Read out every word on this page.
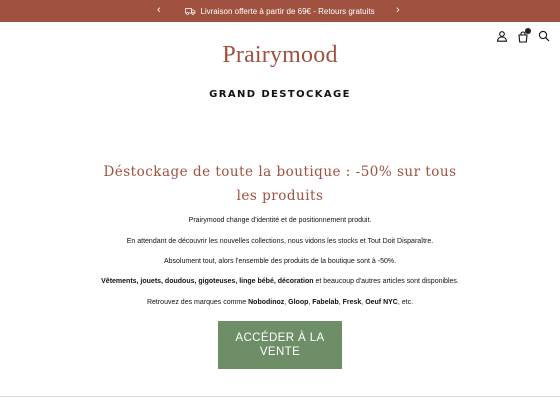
‹	Livraison offerte à partir de 69€ - Retours gratuits ›
Prairymood
GRAND DESTOCKAGE
Déstockage de toute la boutique : -50% sur tous les produits
Prairymood change d'identité et de positionnement produit.
En attendant de découvrir les nouvelles collections, nous vidons les stocks et Tout Doit Disparaître.
Absolument tout, alors l'ensemble des produits de la boutique sont à -50%.
Vêtements, jouets, doudous, gigoteuses, linge bébé, décoration et beaucoup d'autres articles sont disponibles.
Retrouvez des marques comme Nobodinoz, Gloop, Fabelab, Fresk, Oeuf NYC, etc.
ACCÉDER À LA VENTE
